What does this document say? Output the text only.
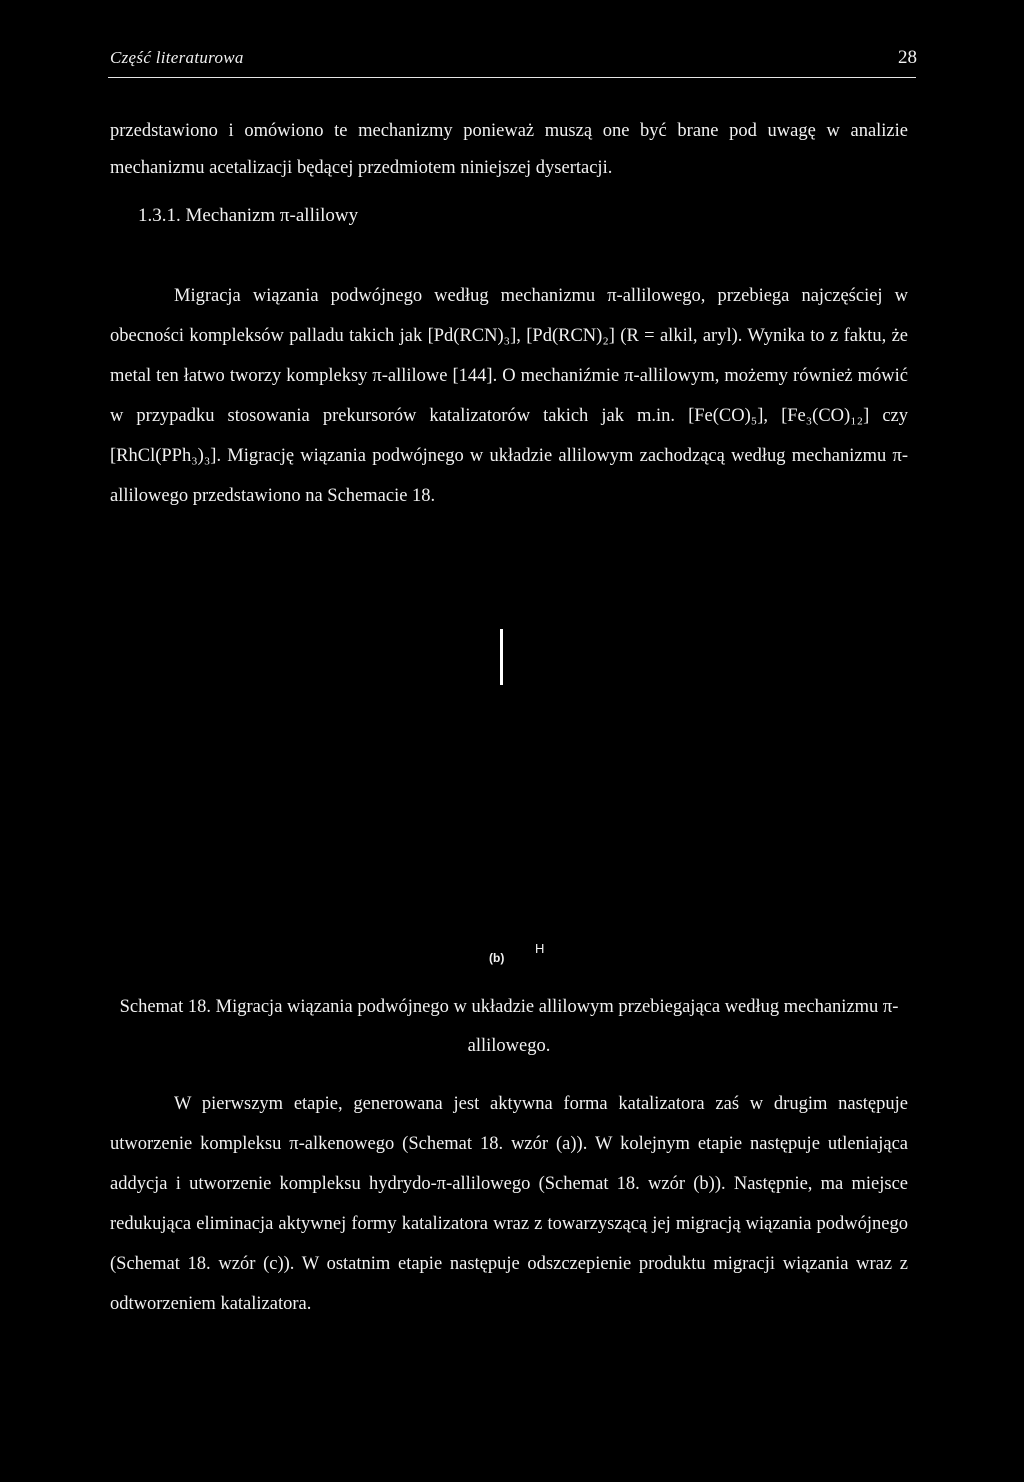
Część literaturowa	28

przedstawiono i omówiono te mechanizmy ponieważ muszą one być brane pod uwagę w analizie mechanizmu acetalizacji będącej przedmiotem niniejszej dysertacji.

1.3.1. Mechanizm π-allilowy

Migracja wiązania podwójnego według mechanizmu π-allilowego, przebiega najczęściej w obecności kompleksów palladu takich jak [Pd(RCN)₃], [Pd(RCN)₂] (R = alkil, aryl). Wynika to z faktu, że metal ten łatwo tworzy kompleksy π-allilowe [144]. O mechaniźmie π-allilowym, możemy również mówić w przypadku stosowania prekursorów katalizatorów takich jak m.in. [Fe(CO)₅], [Fe₃(CO)₁₂] czy [RhCl(PPh₃)₃]. Migrację wiązania podwójnego w układzie allilowym zachodzącą według mechanizmu π-allilowego przedstawiono na Schemacie 18.

(b)
H

Schemat 18. Migracja wiązania podwójnego w układzie allilowym przebiegająca według mechanizmu π-allilowego.

W pierwszym etapie, generowana jest aktywna forma katalizatora zaś w drugim następuje utworzenie kompleksu π-alkenowego (Schemat 18. wzór (a)). W kolejnym etapie następuje utleniająca addycja i utworzenie kompleksu hydrydo-π-allilowego (Schemat 18. wzór (b)). Następnie, ma miejsce redukująca eliminacja aktywnej formy katalizatora wraz z towarzyszącą jej migracją wiązania podwójnego (Schemat 18. wzór (c)). W ostatnim etapie następuje odszczepienie produktu migracji wiązania wraz z odtworzeniem katalizatora.
